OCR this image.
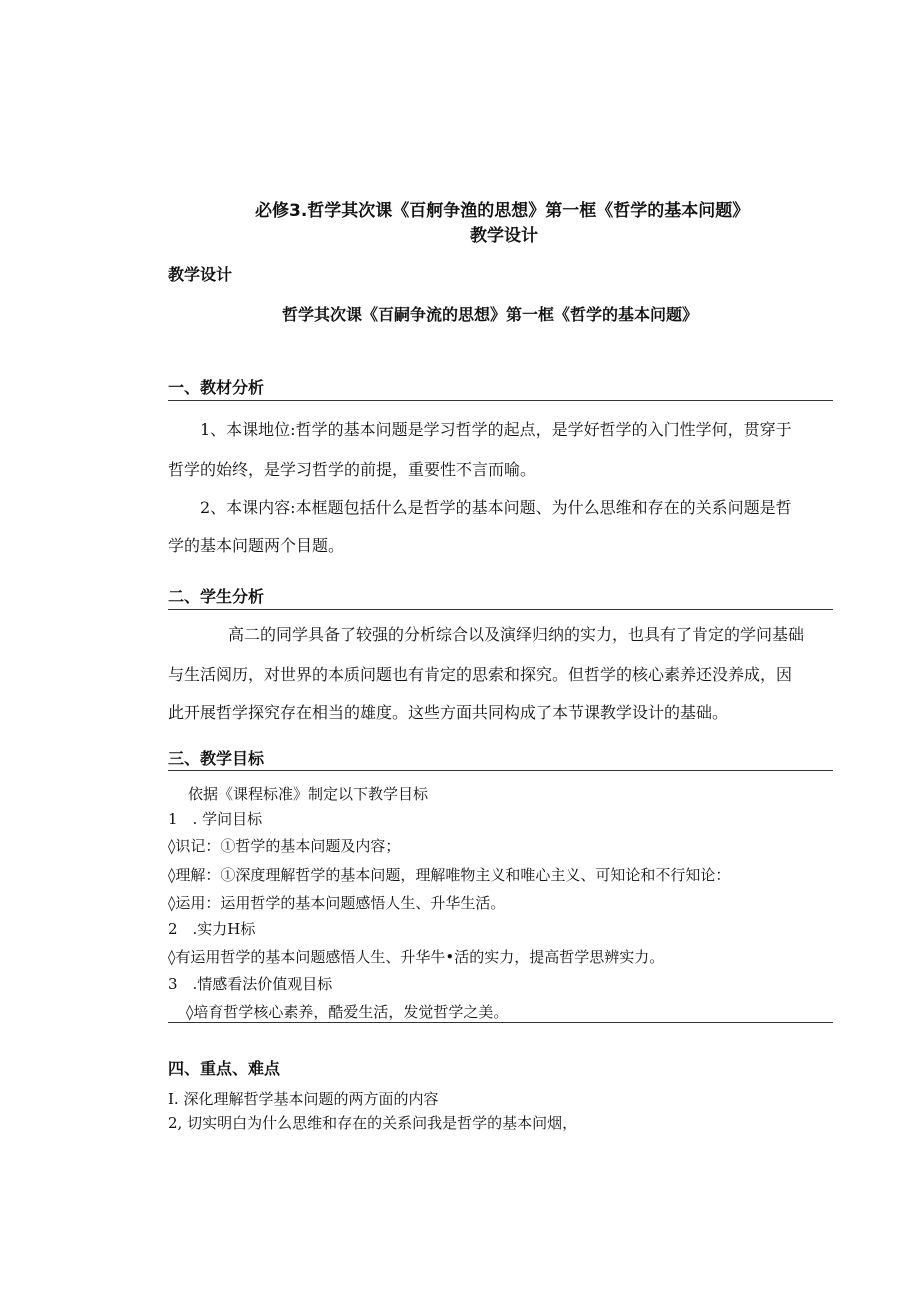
必修3.哲学其次课《百舸争渔的思想》第一框《哲学的基本问题》
教学设计
教学设计
哲学其次课《百嗣争流的思想》第一框《哲学的基本问题》
一、教材分析
1、本课地位:哲学的基本问题是学习哲学的起点，是学好哲学的入门性学何，贯穿于
哲学的始终，是学习哲学的前提，重要性不言而喻。
2、本课内容:本框题包括什么是哲学的基本问题、为什么思维和存在的关系问题是哲
学的基本问题两个目题。
二、学生分析
高二的同学具备了较强的分析综合以及演绎归纳的实力，也具有了肯定的学问基础
与生活阅历，对世界的本质问题也有肯定的思索和探究。但哲学的核心素养还没养成，因
此开展哲学探究存在相当的雄度。这些方面共同构成了本节课教学设计的基础。
三、教学目标
依据《课程标准》制定以下教学目标
1　. 学问目标
◊识记：①哲学的基本问题及内容；
◊理解：①深度理解哲学的基本问题，理解唯物主义和唯心主义、可知论和不行知论：
◊运用：运用哲学的基本问题感悟人生、升华生活。
2　.实力H标
◊有运用哲学的基本问题感悟人生、升华牛•活的实力，提高哲学思辨实力。
3　.情感看法价值观目标
◊培育哲学核心素养，酷爱生活，发觉哲学之美。
四、重点、难点
I. 深化理解哲学基本问题的两方面的内容
2, 切实明白为什么思维和存在的关系问我是哲学的基本问烟，
